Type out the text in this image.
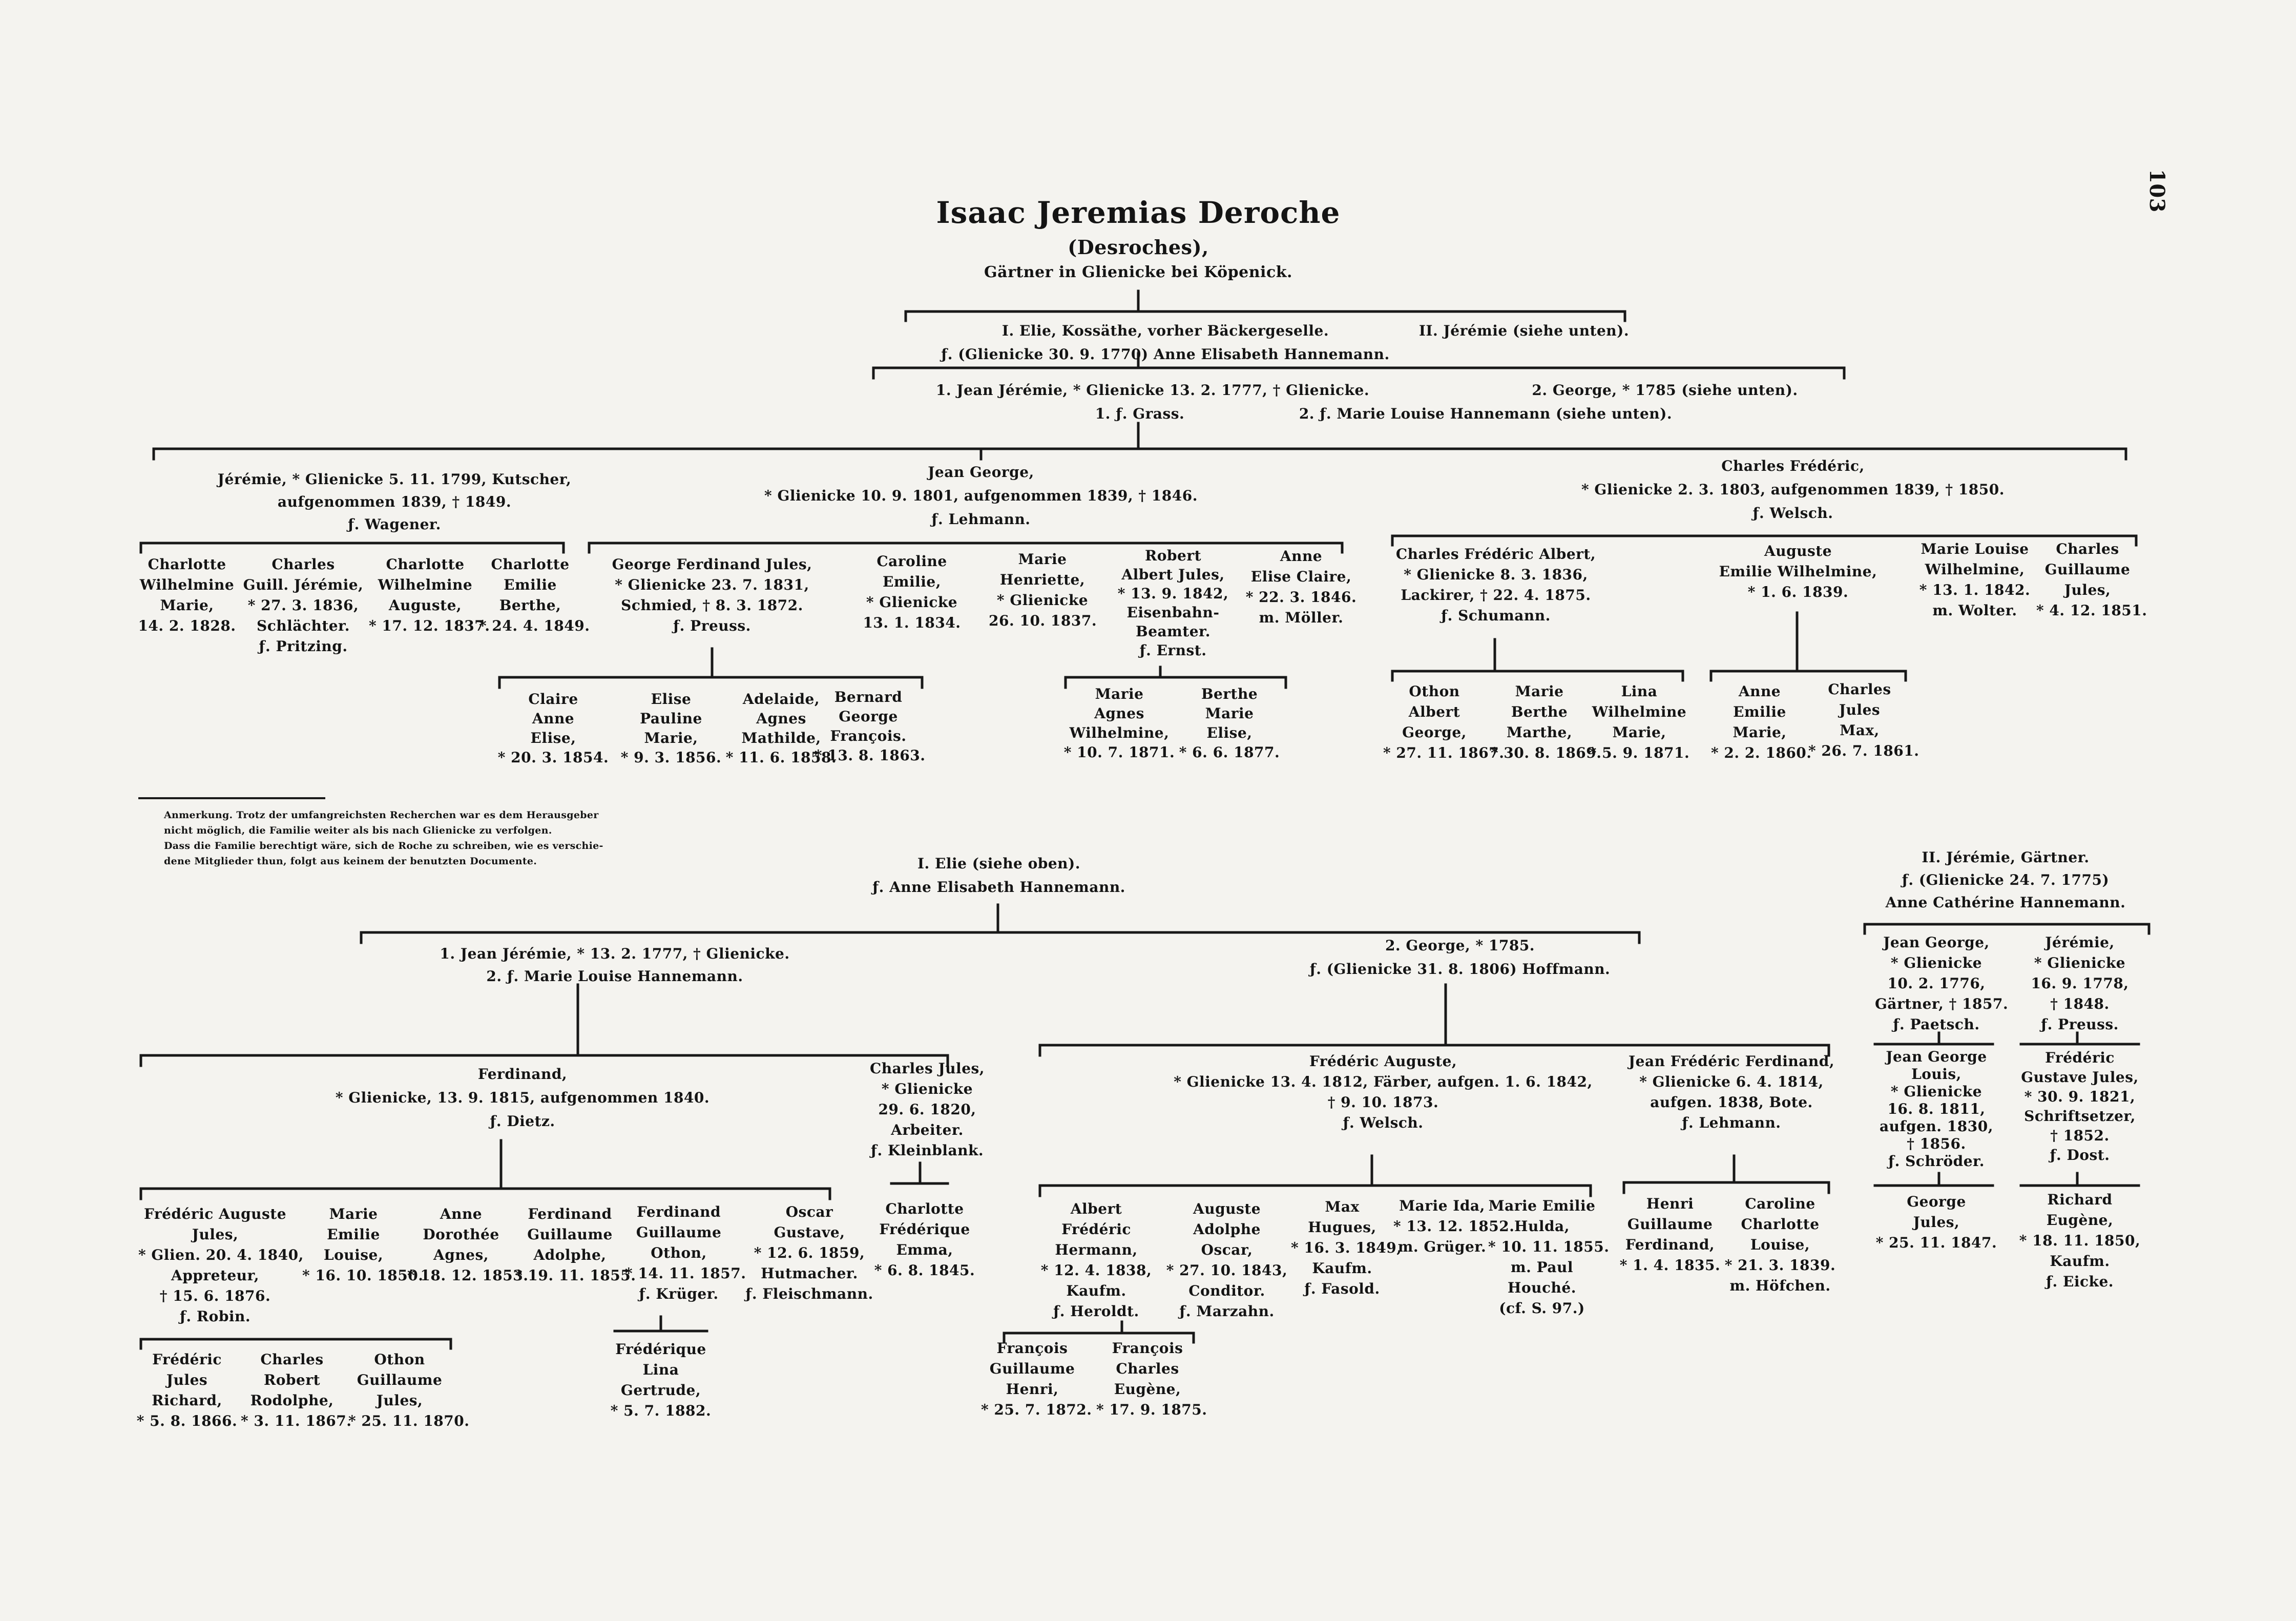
103
Isaac Jeremias Deroche
(Desroches),
Gärtner in Glienicke bei Köpenick.
I. Elie, Kossäthe, vorher Bäckergeselle.
ƒ. (Glienicke 30. 9. 1770) Anne Elisabeth Hannemann.
II. Jérémie (siehe unten).
1. Jean Jérémie, * Glienicke 13. 2. 1777, † Glienicke.
1. ƒ. Grass.
2. George, * 1785 (siehe unten).
2. ƒ. Marie Louise Hannemann (siehe unten).
Jérémie, * Glienicke 5. 11. 1799, Kutscher,
aufgenommen 1839, † 1849.
ƒ. Wagener.
Jean George,
* Glienicke 10. 9. 1801, aufgenommen 1839, † 1846.
ƒ. Lehmann.
Charles Frédéric,
* Glienicke 2. 3. 1803, aufgenommen 1839, † 1850.
ƒ. Welsch.
Charlotte
Wilhelmine
Marie,
14. 2. 1828.
Charles
Guill. Jérémie,
* 27. 3. 1836,
Schlächter.
ƒ. Pritzing.
Charlotte
Wilhelmine
Auguste,
* 17. 12. 1837.
Charlotte
Emilie
Berthe,
* 24. 4. 1849.
George Ferdinand Jules,
* Glienicke 23. 7. 1831,
Schmied, † 8. 3. 1872.
ƒ. Preuss.
Caroline
Emilie,
* Glienicke
13. 1. 1834.
Marie
Henriette,
* Glienicke
26. 10. 1837.
Robert
Albert Jules,
* 13. 9. 1842,
Eisenbahn-
Beamter.
ƒ. Ernst.
Anne
Elise Claire,
* 22. 3. 1846.
m. Möller.
Claire
Anne
Elise,
* 20. 3. 1854.
Elise
Pauline
Marie,
* 9. 3. 1856.
Adelaide,
Agnes
Mathilde,
* 11. 6. 1858.
Bernard
George
François.
* 13. 8. 1863.
Marie
Agnes
Wilhelmine,
* 10. 7. 1871.
Berthe
Marie
Elise,
* 6. 6. 1877.
Charles Frédéric Albert,
* Glienicke 8. 3. 1836,
Lackirer, † 22. 4. 1875.
ƒ. Schumann.
Auguste
Emilie Wilhelmine,
* 1. 6. 1839.
Marie Louise
Wilhelmine,
* 13. 1. 1842.
m. Wolter.
Charles
Guillaume
Jules,
* 4. 12. 1851.
Othon
Albert
George,
* 27. 11. 1867.
Marie
Berthe
Marthe,
* 30. 8. 1869.
Lina
Wilhelmine
Marie,
* 5. 9. 1871.
Anne
Emilie
Marie,
* 2. 2. 1860.
Charles
Jules
Max,
* 26. 7. 1861.
Anmerkung. Trotz der umfangreichsten Recherchen war es dem Herausgeber
nicht möglich, die Familie weiter als bis nach Glienicke zu verfolgen.
Dass die Familie berechtigt wäre, sich de Roche zu schreiben, wie es verschie-
dene Mitglieder thun, folgt aus keinem der benutzten Documente.	I. Elie (siehe oben).
ƒ. Anne Elisabeth Hannemann.
1. Jean Jérémie, * 13. 2. 1777, † Glienicke.
2. ƒ. Marie Louise Hannemann.
2. George, * 1785.
ƒ. (Glienicke 31. 8. 1806) Hoffmann.
Ferdinand,
* Glienicke, 13. 9. 1815, aufgenommen 1840.
ƒ. Dietz.
Charles Jules,
* Glienicke
29. 6. 1820,
Arbeiter.
ƒ. Kleinblank.
Frédéric Auguste,
* Glienicke 13. 4. 1812, Färber, aufgen. 1. 6. 1842,
† 9. 10. 1873.
ƒ. Welsch.
Jean Frédéric Ferdinand,
* Glienicke 6. 4. 1814,
aufgen. 1838, Bote.
ƒ. Lehmann.
Frédéric Auguste
Jules,
* Glien. 20. 4. 1840,
Appreteur,
† 15. 6. 1876.
ƒ. Robin.
Marie
Emilie
Louise,
* 16. 10. 1850.
Anne
Dorothée
Agnes,
* 18. 12. 1853.
Ferdinand
Guillaume
Adolphe,
* 19. 11. 1855.
Ferdinand
Guillaume
Othon,
* 14. 11. 1857.
ƒ. Krüger.
Oscar
Gustave,
* 12. 6. 1859,
Hutmacher.
ƒ. Fleischmann.
Charlotte
Frédérique
Emma,
* 6. 8. 1845.
Albert
Frédéric
Hermann,
* 12. 4. 1838,
Kaufm.
ƒ. Heroldt.
Auguste
Adolphe
Oscar,
* 27. 10. 1843,
Conditor.
ƒ. Marzahn.
Max
Hugues,
* 16. 3. 1849,
Kaufm.
ƒ. Fasold.
Marie Ida,
* 13. 12. 1852.
m. Grüger.
Marie Emilie
Hulda,
* 10. 11. 1855.
m. Paul
Houché.
(cf. S. 97.)
Henri
Guillaume
Ferdinand,
* 1. 4. 1835.
Caroline
Charlotte
Louise,
* 21. 3. 1839.
m. Höfchen.
Frédéric
Jules
Richard,
* 5. 8. 1866.
Charles
Robert
Rodolphe,
* 3. 11. 1867.
Othon
Guillaume
Jules,
* 25. 11. 1870.
Frédérique
Lina
Gertrude,
* 5. 7. 1882.
François
Guillaume
Henri,
* 25. 7. 1872.
François
Charles
Eugène,
* 17. 9. 1875.
II. Jérémie, Gärtner.
ƒ. (Glienicke 24. 7. 1775)
Anne Cathérine Hannemann.
Jean George,
* Glienicke
10. 2. 1776,
Gärtner, † 1857.
ƒ. Paetsch.
Jérémie,
* Glienicke
16. 9. 1778,
† 1848.
ƒ. Preuss.
Jean George
Louis,
* Glienicke
16. 8. 1811,
aufgen. 1830,
† 1856.
ƒ. Schröder.
Frédéric
Gustave Jules,
* 30. 9. 1821,
Schriftsetzer,
† 1852.
ƒ. Dost.
George
Jules,
* 25. 11. 1847.
Richard
Eugène,
* 18. 11. 1850,
Kaufm.
ƒ. Eicke.
